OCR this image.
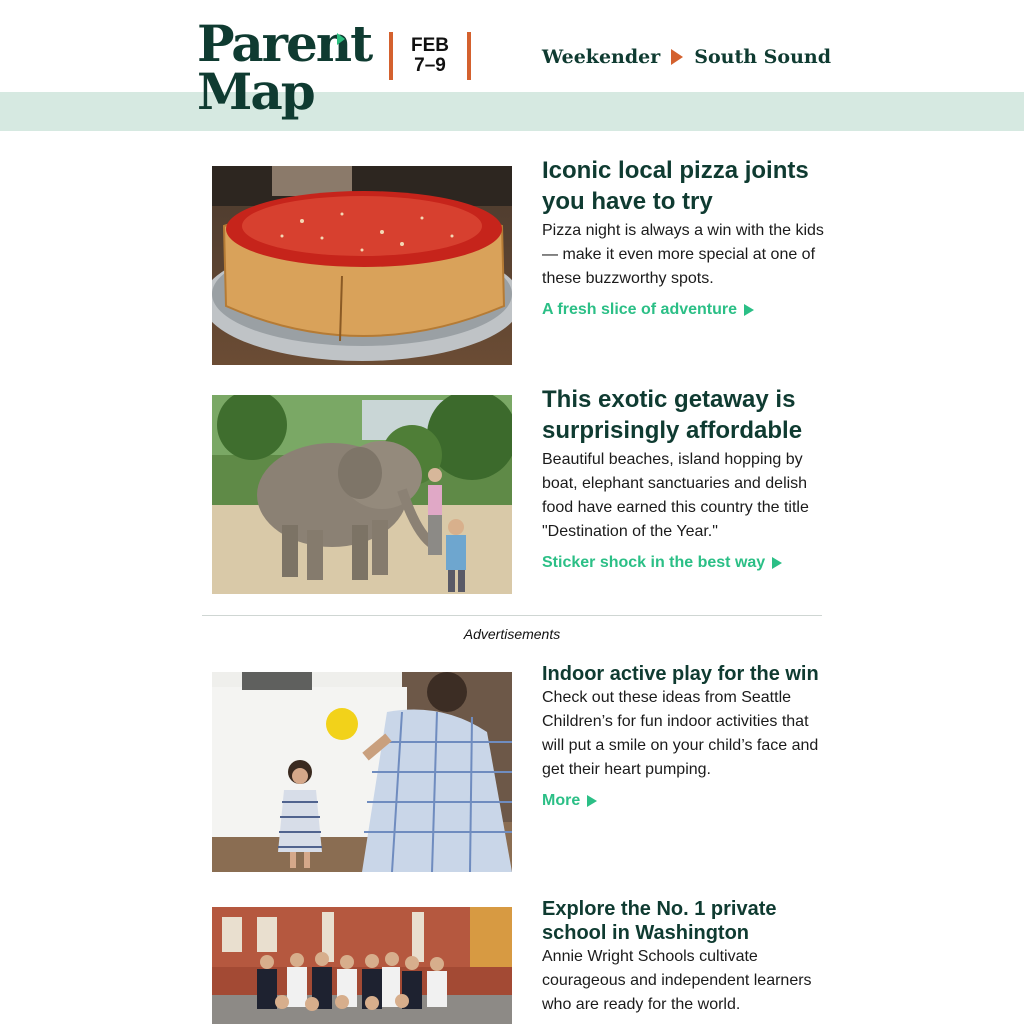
Parent
Map
FEB
7–9	Weekender South Sound
Iconic local pizza joints you have to try

Pizza night is always a win with the kids — make it even more special at one of these buzzworthy spots.

A fresh slice of adventure
This exotic getaway is surprisingly affordable

Beautiful beaches, island hopping by boat, elephant sanctuaries and delish food have earned this country the title "Destination of the Year."

Sticker shock in the best way
Advertisements
Indoor active play for the win

Check out these ideas from Seattle Children’s for fun indoor activities that will put a smile on your child’s face and get their heart pumping.

More
Explore the No. 1 private school in Washington

Annie Wright Schools cultivate courageous and independent learners who are ready for the world.
